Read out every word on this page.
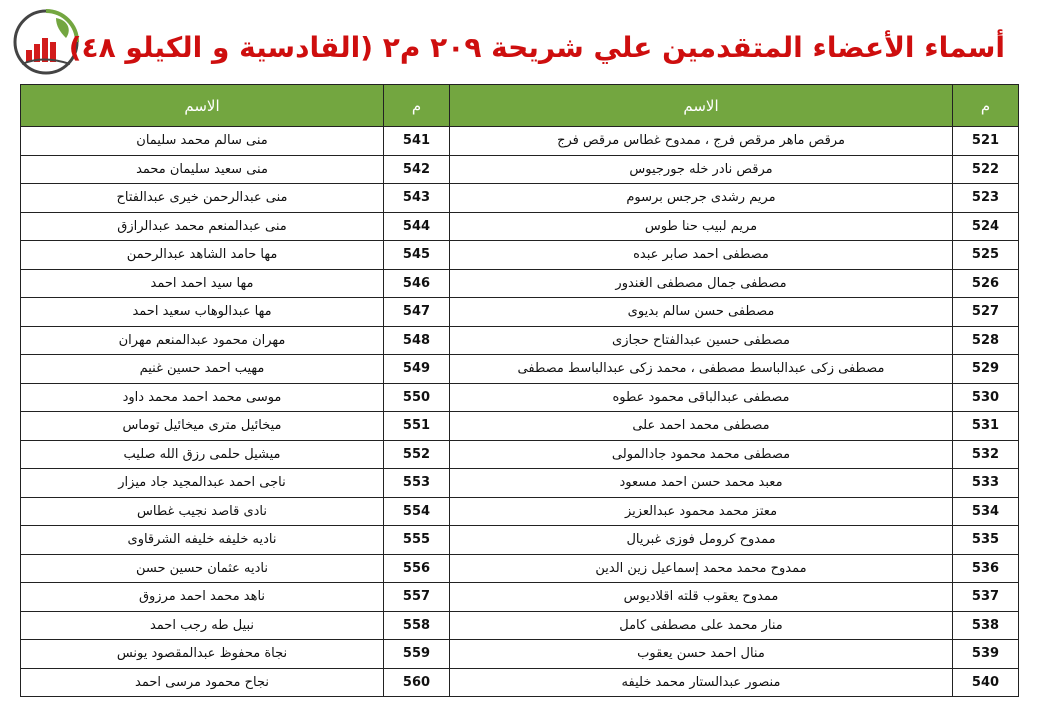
أسماء الأعضاء المتقدمين علي شريحة ٢٠٩ م٢ (القادسية و الكيلو ٤٨)
م	الاسم	م	الاسم
521	مرقص ماهر مرقص فرج ، ممدوح غطاس مرقص فرج	541	منى سالم محمد سليمان
522	مرقص نادر خله جورجيوس	542	منى سعيد سليمان محمد
523	مريم رشدى جرجس برسوم	543	منى عبدالرحمن خيرى عبدالفتاح
524	مريم لبيب حنا طوس	544	منى عبدالمنعم محمد عبدالرازق
525	مصطفى احمد صابر عبده	545	مها حامد الشاهد عبدالرحمن
526	مصطفى جمال مصطفى الغندور	546	مها سيد احمد احمد
527	مصطفى حسن سالم بديوى	547	مها عبدالوهاب سعيد احمد
528	مصطفى حسين عبدالفتاح حجازى	548	مهران محمود عبدالمنعم مهران
529	مصطفى زكى عبدالباسط مصطفى ، محمد زكى عبدالباسط مصطفى	549	مهيب احمد حسين غنيم
530	مصطفى عبدالباقى محمود عطوه	550	موسى محمد احمد محمد داود
531	مصطفى محمد احمد على	551	ميخائيل مترى ميخائيل توماس
532	مصطفى محمد محمود جادالمولى	552	ميشيل حلمى رزق الله صليب
533	معبد محمد حسن احمد مسعود	553	ناجى احمد عبدالمجيد جاد ميزار
534	معتز محمد محمود عبدالعزيز	554	نادى قاصد نجيب غطاس
535	ممدوح كرومل فوزى غبريال	555	ناديه خليفه خليفه الشرقاوى
536	ممدوح محمد محمد إسماعيل زين الدين	556	ناديه عثمان حسين حسن
537	ممدوح يعقوب قلته اقلاديوس	557	ناهد محمد احمد مرزوق
538	منار محمد على مصطفى كامل	558	نبيل طه رجب احمد
539	منال احمد حسن يعقوب	559	نجاة محفوظ عبدالمقصود يونس
540	منصور عبدالستار محمد خليفه	560	نجاح محمود مرسى احمد
